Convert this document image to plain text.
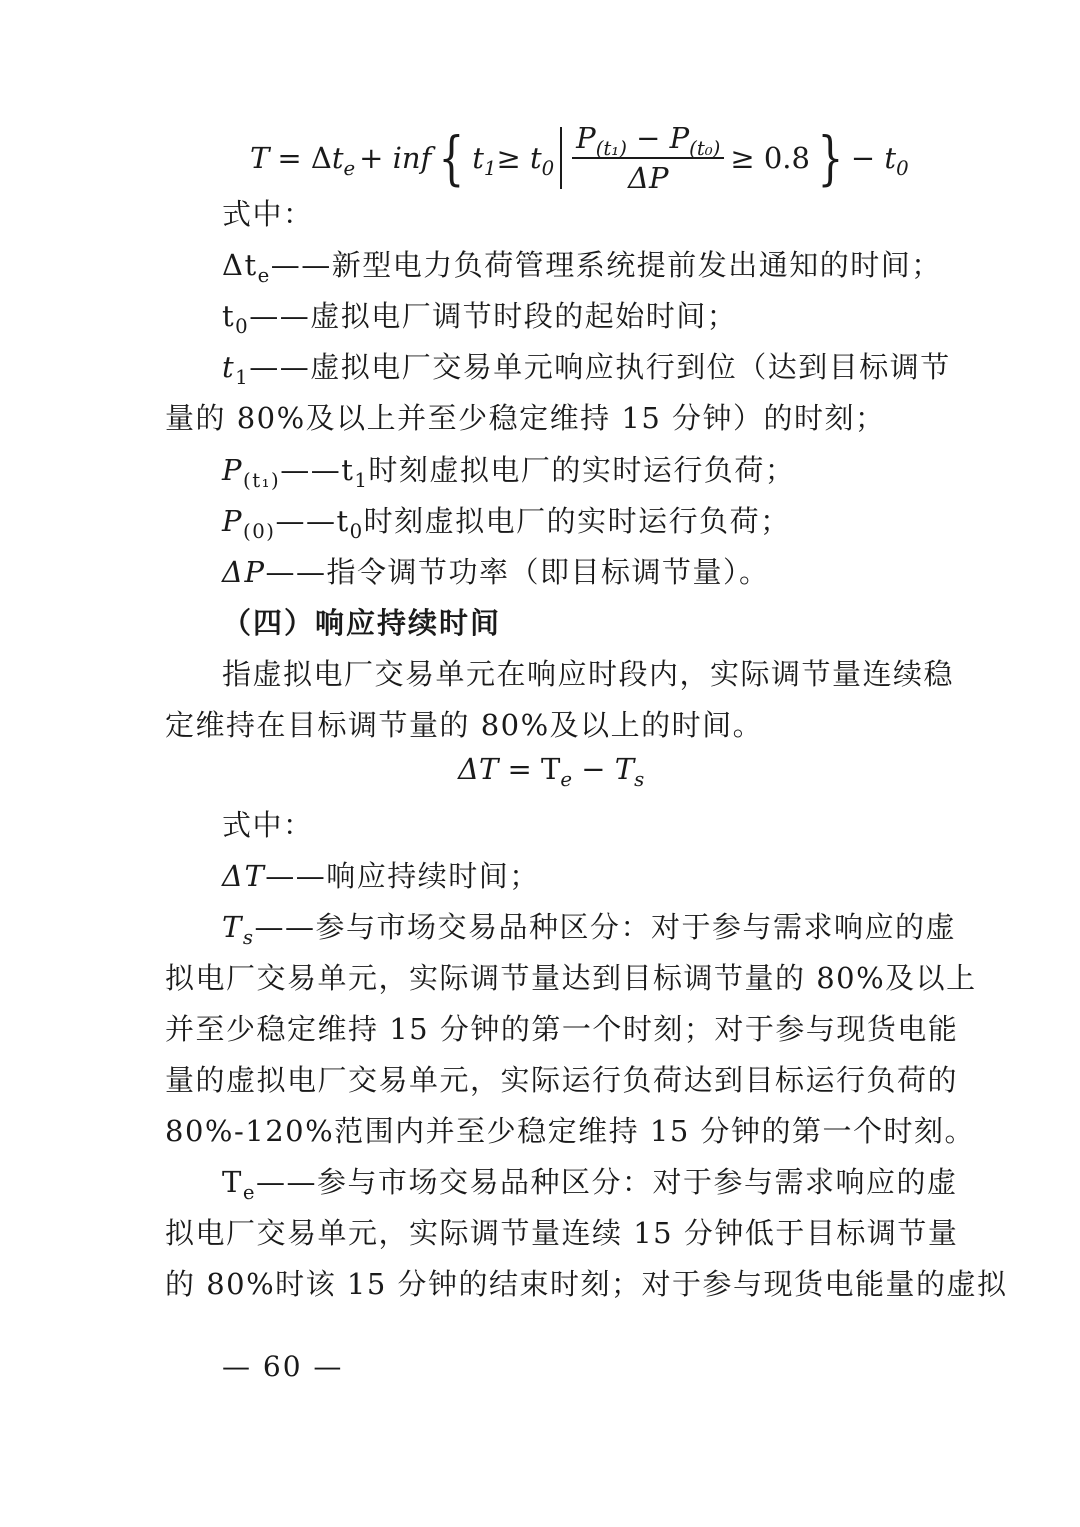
T = Δ $t_e$ + inf { $t_1 \ge t_0 \frac{P_{(t_1)} - P_{(t_0)}}{\Delta P} \ge 0.8$ } − $t_0$
式中：
$\Delta t_e——$新型电力负荷管理系统提前发出通知的时间；
$t_0——$虚拟电厂调节时段的起始时间；
$t_1——$虚拟电厂交易单元响应执行到位（达到目标调节
量的 80%及以上并至少稳定维持 15 分钟）的时刻；
$P_{(t_1)}——t_1$时刻虚拟电厂的实时运行负荷；
$P_{(0)}——t_0$时刻虚拟电厂的实时运行负荷；
ΔP——指令调节功率（即目标调节量）。
（四）响应持续时间
指虚拟电厂交易单元在响应时段内，实际调节量连续稳
定维持在目标调节量的 80%及以上的时间。
$\Delta T = T_e - T_s$
式中：
ΔT——响应持续时间；
$T_s——$参与市场交易品种区分：对于参与需求响应的虚
拟电厂交易单元，实际调节量达到目标调节量的 80%及以上
并至少稳定维持 15 分钟的第一个时刻；对于参与现货电能
量的虚拟电厂交易单元，实际运行负荷达到目标运行负荷的
80%-120%范围内并至少稳定维持 15 分钟的第一个时刻。
$T_e——$参与市场交易品种区分：对于参与需求响应的虚
拟电厂交易单元，实际调节量连续 15 分钟低于目标调节量
的 80%时该 15 分钟的结束时刻；对于参与现货电能量的虚拟
— 60 —
